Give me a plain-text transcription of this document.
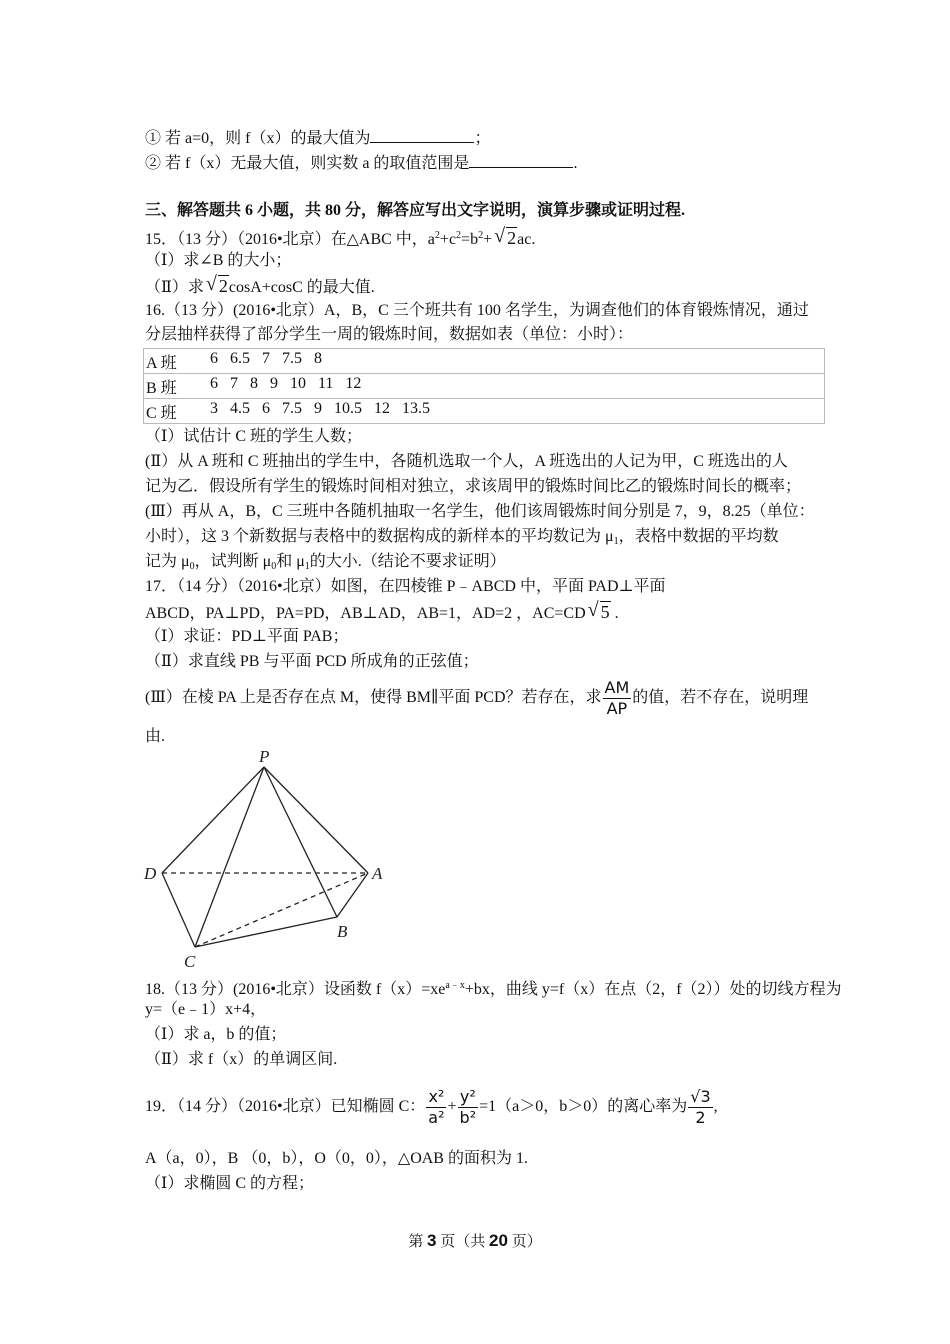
① 若 a=0，则 f（x）的最大值为	；
② 若 f（x）无最大值，则实数 a 的取值范围是	.
三、解答题共 6 小题，共 80 分，解答应写出文字说明，演算步骤或证明过程.
15．（13 分）（2016•北京）在△ABC 中，$a^2+c^2=b^2+$ √ 2ac.
（Ⅰ）求∠B 的大小；
（Ⅱ）求 √ 2cosA+cosC 的最大值.
16.（13 分）(2016•北京）A，B，C 三个班共有 100 名学生，为调查他们的体育锻炼情况，通过
分层抽样获得了部分学生一周的锻炼时间，数据如表（单位：小时）：
A 班	6 6.5 7 7.5 8

B 班	6 7 8 9 10 11 12

C 班	3 4.5 6 7.5 9 10.5 12 13.5
（Ⅰ）试估计 C 班的学生人数；
(Ⅱ）从 A 班和 C 班抽出的学生中，各随机选取一个人，A 班选出的人记为甲，C 班选出的人
记为乙．假设所有学生的锻炼时间相对独立，求该周甲的锻炼时间比乙的锻炼时间长的概率；
(Ⅲ）再从 A，B，C 三班中各随机抽取一名学生，他们该周锻炼时间分别是 7，9，8.25（单位：
小时），这 3 个新数据与表格中的数据构成的新样本的平均数记为 $\mu_1$，表格中数据的平均数
记为 $\mu_0$，试判断 $\mu_0$和 $\mu_1$的大小.（结论不要求证明）
17．（14 分）（2016•北京）如图，在四棱锥 P﹣ABCD 中，平面 PAD⊥平面
ABCD，PA⊥PD，PA=PD，AB⊥AD，AB=1，AD=2 ，AC=CD √ 5 .
（Ⅰ）求证：PD⊥平面 PAB；
（Ⅱ）求直线 PB 与平面 PCD 所成角的正弦值；
(Ⅲ）在棱 PA 上是否存在点 M，使得 BM∥平面 PCD？若存在，求 $\frac{AM}{AP}$ 的值，若不存在，说明理
由.
P
D	A
B
C
18.（13 分）(2016•北京）设函数 $f(x)=xe^{a﹣x}+bx$，曲线 y=f（x）在点（2，f（2））处的切线方程为
y=（e﹣1）x+4，
（Ⅰ）求 a，b 的值；
（Ⅱ）求 f（x）的单调区间.
19．（14 分）（2016•北京）已知椭圆 C： $\frac{\text{x²}}{\text{a²}} + \frac{\text{y²}}{\text{b²}} =1(a>0$，b＞0）的离心率为 $\frac{√3}{2}$ ,
A（a，0），B （0，b），O（0，0），△OAB 的面积为 1.
（Ⅰ）求椭圆 C 的方程；
第 3 页（共 20 页）
